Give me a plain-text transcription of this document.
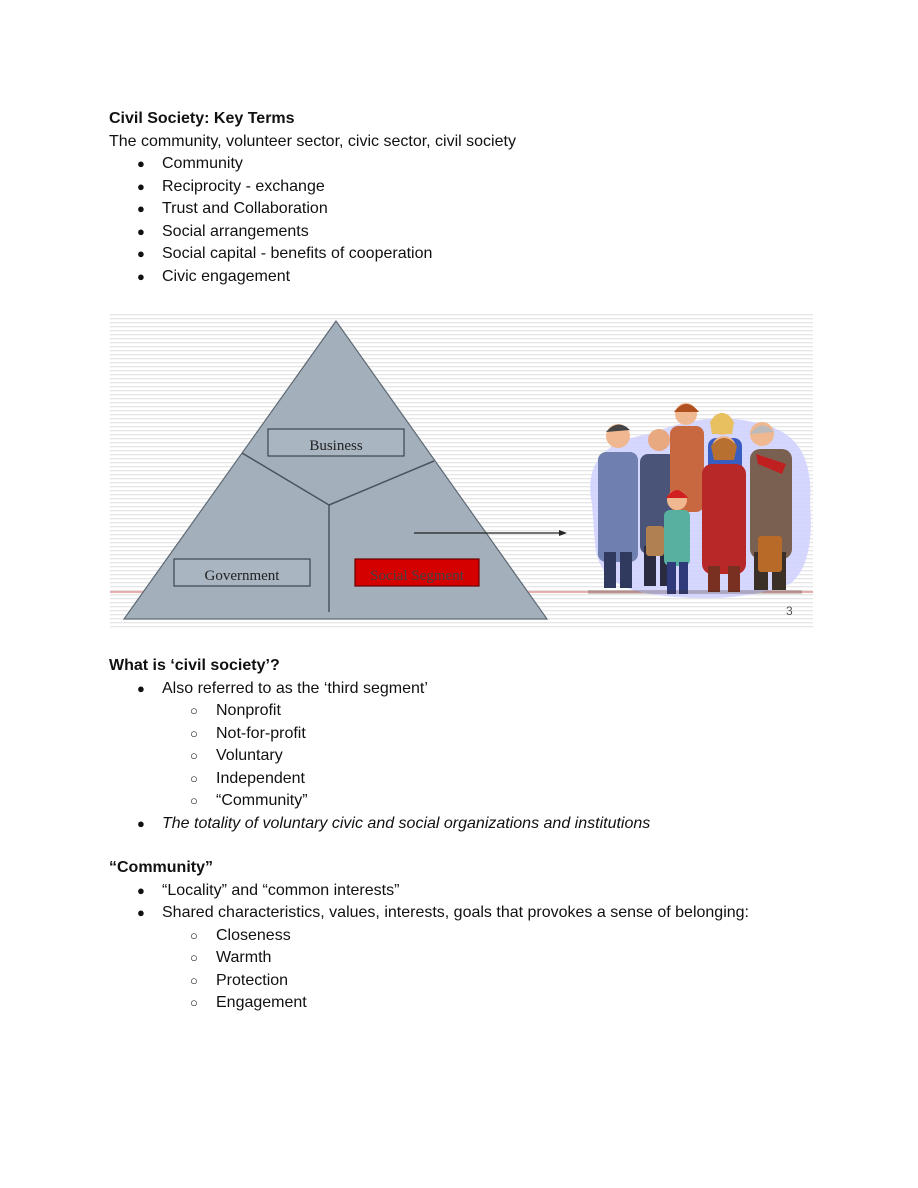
Civil Society: Key Terms
The community, volunteer sector, civic sector, civil society
● Community
● Reciprocity - exchange
● Trust and Collaboration
● Social arrangements
● Social capital - benefits of cooperation
● Civic engagement
Business
Government	Social Segment
3
What is ‘civil society’?
● Also referred to as the ‘third segment’
○ Nonprofit
○ Not-for-profit
○ Voluntary
○ Independent
○ “Community”
● The totality of voluntary civic and social organizations and institutions
“Community”
● “Locality” and “common interests”
● Shared characteristics, values, interests, goals that provokes a sense of belonging:
○ Closeness
○ Warmth
○ Protection
○ Engagement
